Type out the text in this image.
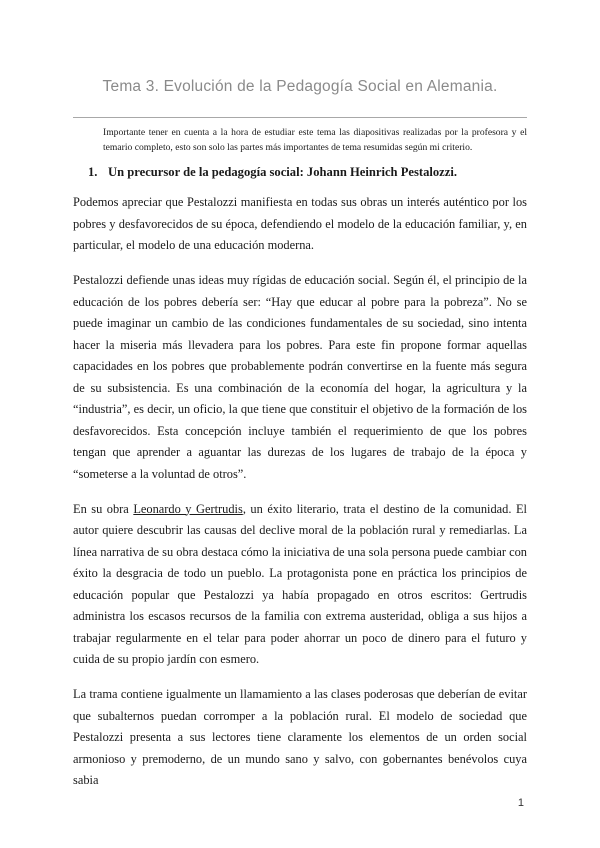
Tema 3. Evolución de la Pedagogía Social en Alemania.
Importante tener en cuenta a la hora de estudiar este tema las diapositivas realizadas por la profesora y el temario completo, esto son solo las partes más importantes de tema resumidas según mi criterio.
1. Un precursor de la pedagogía social: Johann Heinrich Pestalozzi.

Podemos apreciar que Pestalozzi manifiesta en todas sus obras un interés auténtico por los pobres y desfavorecidos de su época, defendiendo el modelo de la educación familiar, y, en particular, el modelo de una educación moderna.

Pestalozzi defiende unas ideas muy rígidas de educación social. Según él, el principio de la educación de los pobres debería ser: “Hay que educar al pobre para la pobreza”. No se puede imaginar un cambio de las condiciones fundamentales de su sociedad, sino intenta hacer la miseria más llevadera para los pobres. Para este fin propone formar aquellas capacidades en los pobres que probablemente podrán convertirse en la fuente más segura de su subsistencia. Es una combinación de la economía del hogar, la agricultura y la “industria”, es decir, un oficio, la que tiene que constituir el objetivo de la formación de los desfavorecidos. Esta concepción incluye también el requerimiento de que los pobres tengan que aprender a aguantar las durezas de los lugares de trabajo de la época y “someterse a la voluntad de otros”.

En su obra Leonardo y Gertrudis, un éxito literario, trata el destino de la comunidad. El autor quiere descubrir las causas del declive moral de la población rural y remediarlas. La línea narrativa de su obra destaca cómo la iniciativa de una sola persona puede cambiar con éxito la desgracia de todo un pueblo. La protagonista pone en práctica los principios de educación popular que Pestalozzi ya había propagado en otros escritos: Gertrudis administra los escasos recursos de la familia con extrema austeridad, obliga a sus hijos a trabajar regularmente en el telar para poder ahorrar un poco de dinero para el futuro y cuida de su propio jardín con esmero.

La trama contiene igualmente un llamamiento a las clases poderosas que deberían de evitar que subalternos puedan corromper a la población rural. El modelo de sociedad que Pestalozzi presenta a sus lectores tiene claramente los elementos de un orden social armonioso y premoderno, de un mundo sano y salvo, con gobernantes benévolos cuya sabia

1
